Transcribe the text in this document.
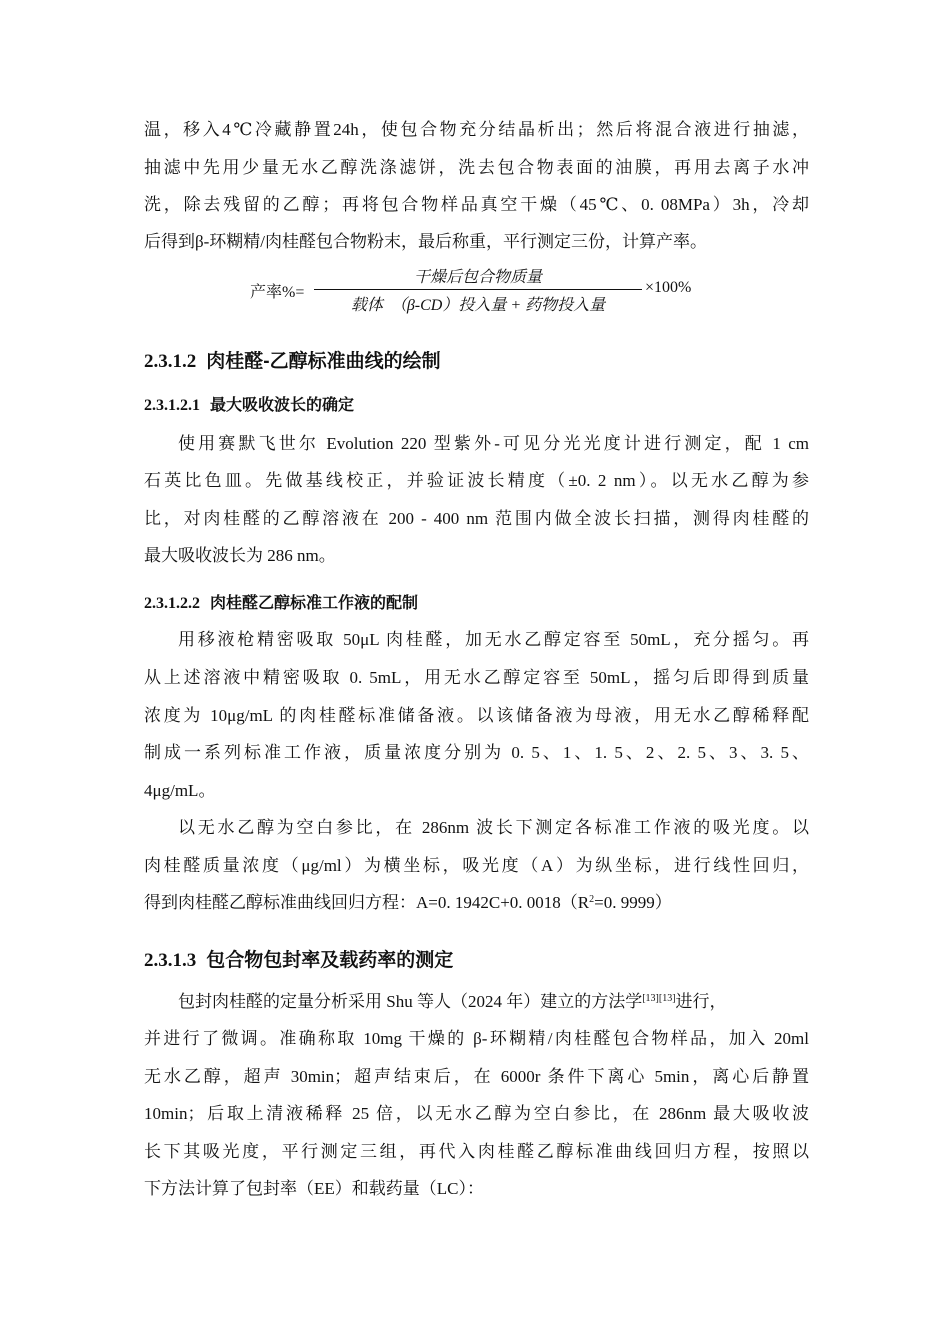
温，移入4℃冷藏静置24h，使包合物充分结晶析出；然后将混合液进行抽滤，
抽滤中先用少量无水乙醇洗涤滤饼，洗去包合物表面的油膜，再用去离子水冲
洗，除去残留的乙醇；再将包合物样品真空干燥（45℃、0. 08MPa）3h，冷却
后得到β-环糊精/肉桂醛包合物粉末，最后称重，平行测定三份，计算产率。
产率%=
干燥后包合物质量
载体　（β-CD）投入量 + 药物投入量
×100%
2.3.1.2 肉桂醛-乙醇标准曲线的绘制
2.3.1.2.1 最大吸收波长的确定
使用赛默飞世尔 Evolution 220 型紫外-可见分光光度计进行测定，配 1 cm
石英比色皿。先做基线校正，并验证波长精度（±0. 2 nm）。以无水乙醇为参
比，对肉桂醛的乙醇溶液在 200 - 400 nm 范围内做全波长扫描，测得肉桂醛的
最大吸收波长为 286 nm。
2.3.1.2.2 肉桂醛乙醇标准工作液的配制
用移液枪精密吸取 50μL 肉桂醛，加无水乙醇定容至 50mL，充分摇匀。再
从上述溶液中精密吸取 0. 5mL，用无水乙醇定容至 50mL，摇匀后即得到质量
浓度为 10μg/mL 的肉桂醛标准储备液。以该储备液为母液，用无水乙醇稀释配
制成一系列标准工作液，质量浓度分别为 0. 5、1、1. 5、2、2. 5、3、3. 5、
4μg/mL。
以无水乙醇为空白参比，在 286nm 波长下测定各标准工作液的吸光度。以
肉桂醛质量浓度（μg/ml）为横坐标，吸光度（A）为纵坐标，进行线性回归，
得到肉桂醛乙醇标准曲线回归方程：A=0. 1942C+0. $0018(R^2=0$. 9999）
2.3.1.3 包合物包封率及载药率的测定
包封肉桂醛的定量分析采用 Shu 等人（2024 年）建立的方法学[13][13]进行，
并进行了微调。准确称取 10mg 干燥的 β-环糊精/肉桂醛包合物样品，加入 20ml
无水乙醇，超声 30min；超声结束后，在 6000r 条件下离心 5min，离心后静置
10min；后取上清液稀释 25 倍，以无水乙醇为空白参比，在 286nm 最大吸收波
长下其吸光度，平行测定三组，再代入肉桂醛乙醇标准曲线回归方程，按照以
下方法计算了包封率（EE）和载药量（LC）：
